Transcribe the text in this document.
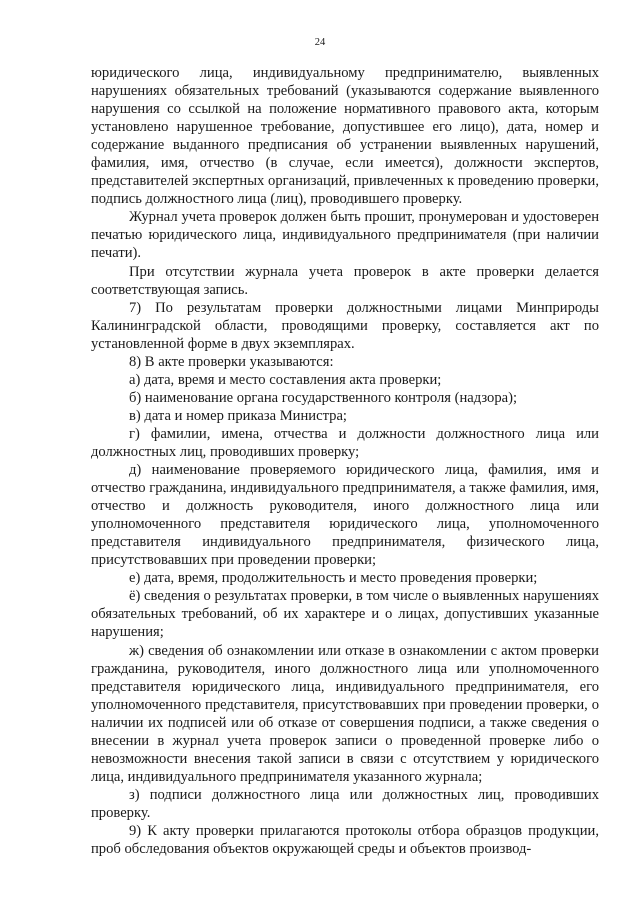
24

юридического лица, индивидуальному предпринимателю, выявленных нарушениях обязательных требований (указываются содержание выявленного нарушения со ссылкой на положение нормативного правового акта, которым установлено нарушенное требование, допустившее его лицо), дата, номер и содержание выданного предписания об устранении выявленных нарушений, фамилия, имя, отчество (в случае, если имеется), должности экспертов, представителей экспертных организаций, привлеченных к проведению проверки, подпись должностного лица (лиц), проводившего проверку.

Журнал учета проверок должен быть прошит, пронумерован и удостоверен печатью юридического лица, индивидуального предпринимателя (при наличии печати).

При отсутствии журнала учета проверок в акте проверки делается соответствующая запись.

7) По результатам проверки должностными лицами Минприроды Калининградской области, проводящими проверку, составляется акт по установленной форме в двух экземплярах.

8) В акте проверки указываются:

а) дата, время и место составления акта проверки;

б) наименование органа государственного контроля (надзора);

в) дата и номер приказа Министра;

г) фамилии, имена, отчества и должности должностного лица или должностных лиц, проводивших проверку;

д) наименование проверяемого юридического лица, фамилия, имя и отчество гражданина, индивидуального предпринимателя, а также фамилия, имя, отчество и должность руководителя, иного должностного лица или уполномоченного представителя юридического лица, уполномоченного представителя индивидуального предпринимателя, физического лица, присутствовавших при проведении проверки;

е) дата, время, продолжительность и место проведения проверки;

ё) сведения о результатах проверки, в том числе о выявленных нарушениях обязательных требований, об их характере и о лицах, допустивших указанные нарушения;

ж) сведения об ознакомлении или отказе в ознакомлении с актом проверки гражданина, руководителя, иного должностного лица или уполномоченного представителя юридического лица, индивидуального предпринимателя, его уполномоченного представителя, присутствовавших при проведении проверки, о наличии их подписей или об отказе от совершения подписи, а также сведения о внесении в журнал учета проверок записи о проведенной проверке либо о невозможности внесения такой записи в связи с отсутствием у юридического лица, индивидуального предпринимателя указанного журнала;

з) подписи должностного лица или должностных лиц, проводивших проверку.

9) К акту проверки прилагаются протоколы отбора образцов продукции, проб обследования объектов окружающей среды и объектов производ-
